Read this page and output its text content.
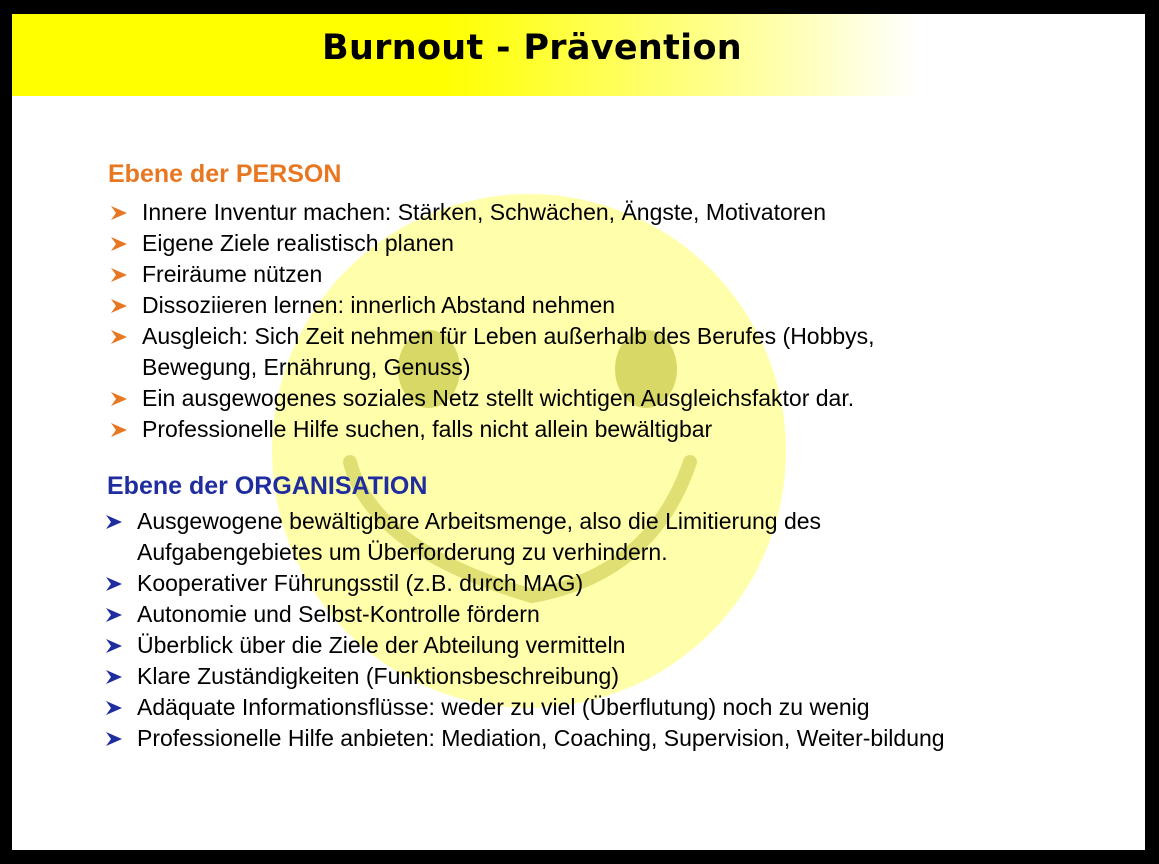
Burnout - Prävention
Ebene der PERSON
Innere Inventur machen: Stärken, Schwächen, Ängste, Motivatoren
Eigene Ziele realistisch planen
Freiräume nützen
Dissoziieren lernen: innerlich Abstand nehmen
Ausgleich: Sich Zeit nehmen für Leben außerhalb des Berufes (Hobbys, Bewegung, Ernährung, Genuss)
Ein ausgewogenes soziales Netz stellt wichtigen Ausgleichsfaktor dar.
Professionelle Hilfe suchen, falls nicht allein bewältigbar
Ebene der ORGANISATION
Ausgewogene bewältigbare Arbeitsmenge, also die Limitierung des Aufgabengebietes um Überforderung zu verhindern.
Kooperativer Führungsstil (z.B. durch MAG)
Autonomie und Selbst-Kontrolle fördern
Überblick über die Ziele der Abteilung vermitteln
Klare Zuständigkeiten (Funktionsbeschreibung)
Adäquate Informationsflüsse: weder zu viel (Überflutung) noch zu wenig
Professionelle Hilfe anbieten: Mediation, Coaching, Supervision, Weiter-bildung
